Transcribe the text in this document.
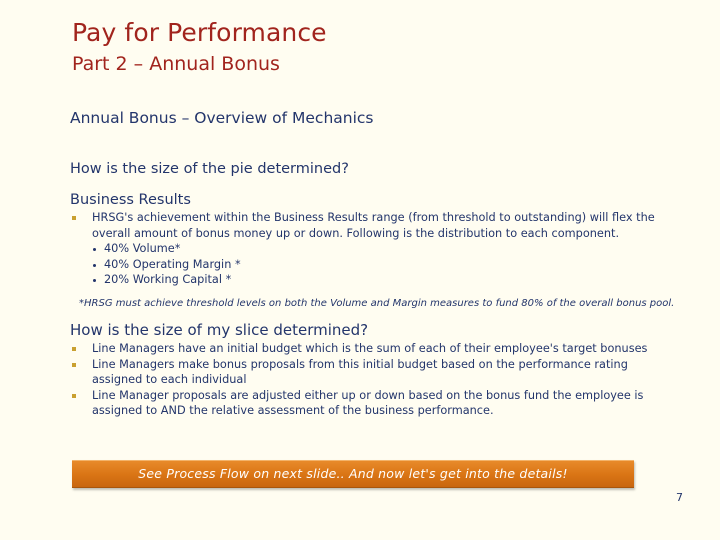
Pay for Performance
Part 2 – Annual Bonus
Annual Bonus – Overview of Mechanics
How is the size of the pie determined?
Business Results
HRSG's achievement within the Business Results range (from threshold to outstanding) will flex the overall amount of bonus money up or down. Following is the distribution to each component.
40% Volume*
40% Operating Margin *
20% Working Capital *
*HRSG must achieve threshold levels on both the Volume and Margin measures to fund 80% of the overall bonus pool.
How is the size of my slice determined?
Line Managers have an initial budget which is the sum of each of their employee's target bonuses
Line Managers make bonus proposals from this initial budget based on the performance rating assigned to each individual
Line Manager proposals are adjusted either up or down based on the bonus fund the employee is assigned to AND the relative assessment of the business performance.
See Process Flow on next slide.. And now let's get into the details!
7
